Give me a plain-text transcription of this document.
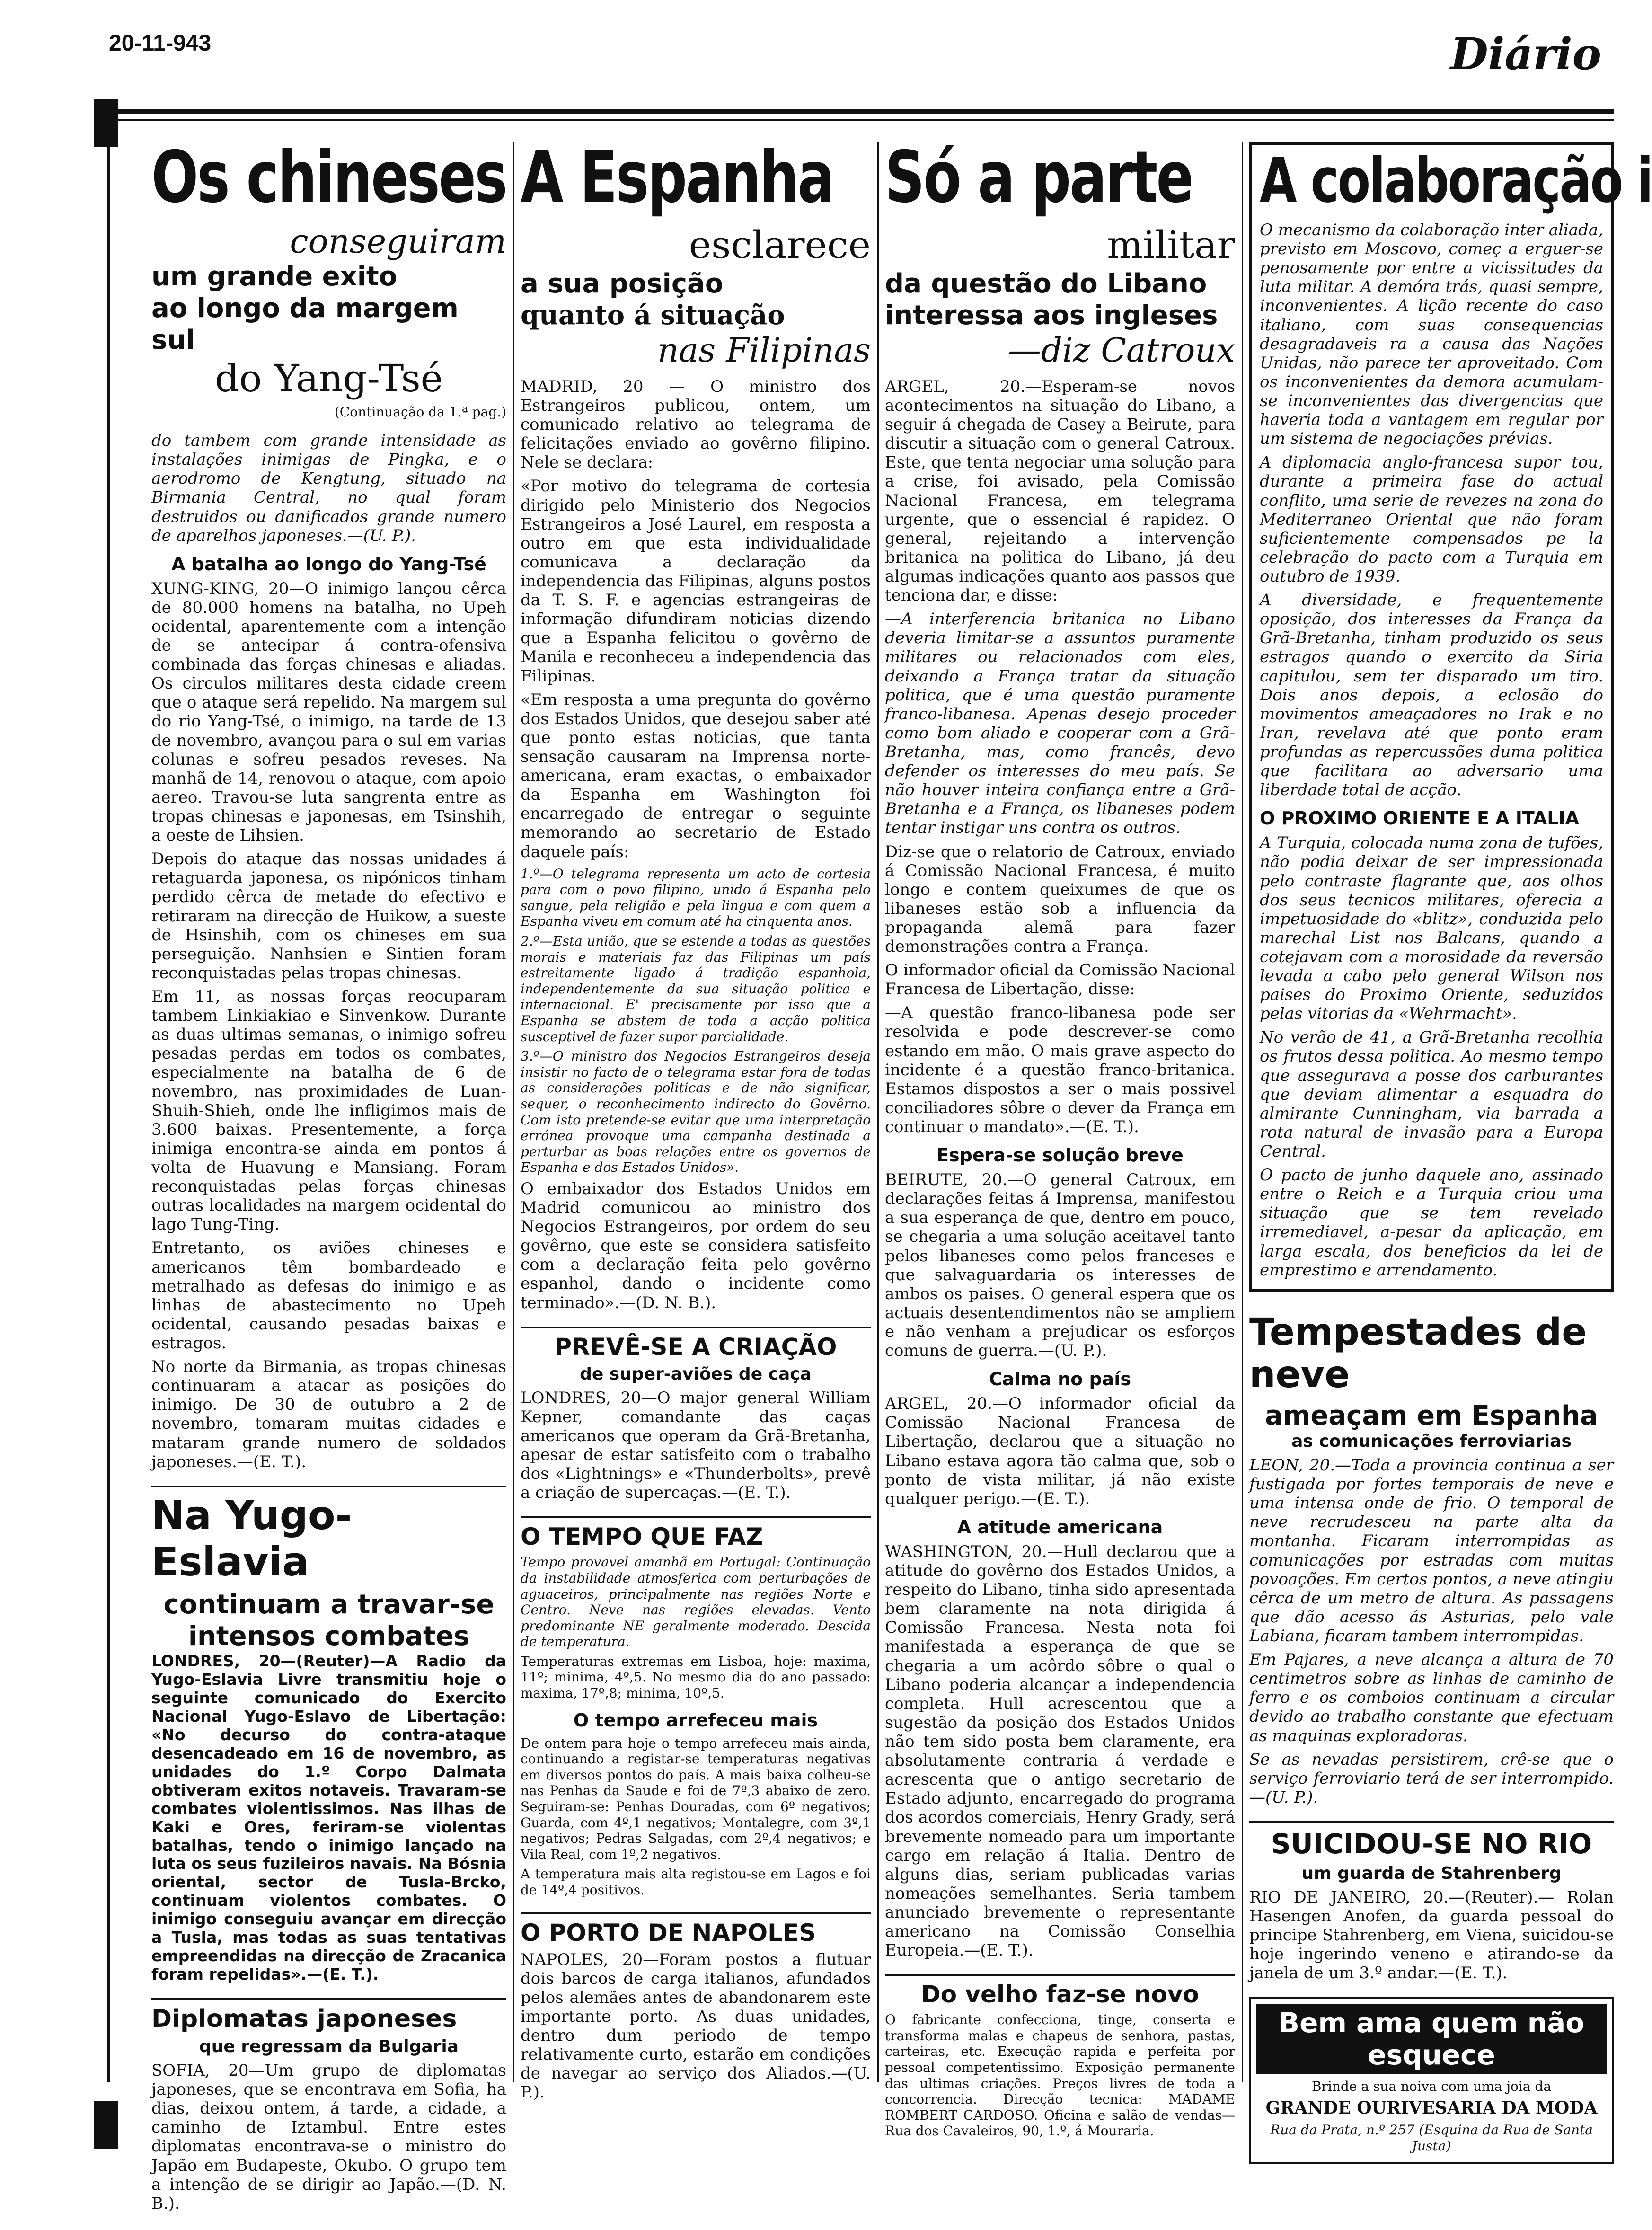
20-11-943	Diário
Os chineses
conseguiram
um grande exito
ao longo da margem sul
do Yang-Tsé
(Continuação da 1.ª pag.)

do tambem com grande intensidade as instalações inimigas de Pingka, e o aerodromo de Kengtung, situado na Birmania Central, no qual foram destruidos ou danificados grande numero de aparelhos japoneses.—(U. P.).

A batalha ao longo do Yang-Tsé

XUNG-KING, 20—O inimigo lançou cêrca de 80.000 homens na batalha, no Upeh ocidental, aparentemente com a intenção de se antecipar á contra-ofensiva combinada das forças chinesas e aliadas. Os circulos militares desta cidade creem que o ataque será repelido. Na margem sul do rio Yang-Tsé, o inimigo, na tarde de 13 de novembro, avançou para o sul em varias colunas e sofreu pesados reveses. Na manhã de 14, renovou o ataque, com apoio aereo. Travou-se luta sangrenta entre as tropas chinesas e japonesas, em Tsinshih, a oeste de Lihsien.

Depois do ataque das nossas unidades á retaguarda japonesa, os nipónicos tinham perdido cêrca de metade do efectivo e retiraram na direcção de Huikow, a sueste de Hsinshih, com os chineses em sua perseguição. Nanhsien e Sintien foram reconquistadas pelas tropas chinesas.

Em 11, as nossas forças reocuparam tambem Linkiakiao e Sinvenkow. Durante as duas ultimas semanas, o inimigo sofreu pesadas perdas em todos os combates, especialmente na batalha de 6 de novembro, nas proximidades de Luan-Shuih-Shieh, onde lhe infligimos mais de 3.600 baixas. Presentemente, a força inimiga encontra-se ainda em pontos á volta de Huavung e Mansiang. Foram reconquistadas pelas forças chinesas outras localidades na margem ocidental do lago Tung-Ting.

Entretanto, os aviões chineses e americanos têm bombardeado e metralhado as defesas do inimigo e as linhas de abastecimento no Upeh ocidental, causando pesadas baixas e estragos.

No norte da Birmania, as tropas chinesas continuaram a atacar as posições do inimigo. De 30 de outubro a 2 de novembro, tomaram muitas cidades e mataram grande numero de soldados japoneses.—(E. T.).

Na Yugo-Eslavia
continuam a travar-se
intensos combates

LONDRES, 20—(Reuter)—A Radio da Yugo-Eslavia Livre transmitiu hoje o seguinte comunicado do Exercito Nacional Yugo-Eslavo de Libertação: «No decurso do contra-ataque desencadeado em 16 de novembro, as unidades do 1.º Corpo Dalmata obtiveram exitos notaveis. Travaram-se combates violentissimos. Nas ilhas de Kaki e Ores, feriram-se violentas batalhas, tendo o inimigo lançado na luta os seus fuzileiros navais. Na Bósnia oriental, sector de Tusla-Brcko, continuam violentos combates. O inimigo conseguiu avançar em direcção a Tusla, mas todas as suas tentativas empreendidas na direcção de Zracanica foram repelidas».—(E. T.).

Diplomatas japoneses
que regressam da Bulgaria

SOFIA, 20—Um grupo de diplomatas japoneses, que se encontrava em Sofia, ha dias, deixou ontem, á tarde, a cidade, a caminho de Iztambul. Entre estes diplomatas encontrava-se o ministro do Japão em Budapeste, Okubo. O grupo tem a intenção de se dirigir ao Japão.—(D. N. B.).

A Espanha
esclarece
a sua posição
quanto á situação
nas Filipinas

MADRID, 20 — O ministro dos Estrangeiros publicou, ontem, um comunicado relativo ao telegrama de felicitações enviado ao govêrno filipino. Nele se declara:

«Por motivo do telegrama de cortesia dirigido pelo Ministerio dos Negocios Estrangeiros a José Laurel, em resposta a outro em que esta individualidade comunicava a declaração da independencia das Filipinas, alguns postos da T. S. F. e agencias estrangeiras de informação difundiram noticias dizendo que a Espanha felicitou o govêrno de Manila e reconheceu a independencia das Filipinas.

«Em resposta a uma pregunta do govêrno dos Estados Unidos, que desejou saber até que ponto estas noticias, que tanta sensação causaram na Imprensa norte-americana, eram exactas, o embaixador da Espanha em Washington foi encarregado de entregar o seguinte memorando ao secretario de Estado daquele país:

1.º—O telegrama representa um acto de cortesia para com o povo filipino, unido á Espanha pelo sangue, pela religião e pela lingua e com quem a Espanha viveu em comum até ha cinquenta anos.

2.º—Esta união, que se estende a todas as questões morais e materiais faz das Filipinas um país estreitamente ligado á tradição espanhola, independentemente da sua situação politica e internacional. E' precisamente por isso que a Espanha se abstem de toda a acção politica susceptivel de fazer supor parcialidade.

3.º—O ministro dos Negocios Estrangeiros deseja insistir no facto de o telegrama estar fora de todas as considerações politicas e de não significar, sequer, o reconhecimento indirecto do Govêrno. Com isto pretende-se evitar que uma interpretação errónea provoque uma campanha destinada a perturbar as boas relações entre os governos de Espanha e dos Estados Unidos».

O embaixador dos Estados Unidos em Madrid comunicou ao ministro dos Negocios Estrangeiros, por ordem do seu govêrno, que este se considera satisfeito com a declaração feita pelo govêrno espanhol, dando o incidente como terminado».—(D. N. B.).

PREVÊ-SE A CRIAÇÃO
de super-aviões de caça

LONDRES, 20—O major general William Kepner, comandante das caças americanos que operam da Grã-Bretanha, apesar de estar satisfeito com o trabalho dos «Lightnings» e «Thunderbolts», prevê a criação de supercaças.—(E. T.).

O TEMPO QUE FAZ

Tempo provavel amanhã em Portugal: Continuação da instabilidade atmosferica com perturbações de aguaceiros, principalmente nas regiões Norte e Centro. Neve nas regiões elevadas. Vento predominante NE geralmente moderado. Descida de temperatura.

Temperaturas extremas em Lisboa, hoje: maxima, 11º; minima, 4º,5. No mesmo dia do ano passado: maxima, 17º,8; minima, 10º,5.

O tempo arrefeceu mais

De ontem para hoje o tempo arrefeceu mais ainda, continuando a registar-se temperaturas negativas em diversos pontos do país. A mais baixa colheu-se nas Penhas da Saude e foi de 7º,3 abaixo de zero. Seguiram-se: Penhas Douradas, com 6º negativos; Guarda, com 4º,1 negativos; Montalegre, com 3º,1 negativos; Pedras Salgadas, com 2º,4 negativos; e Vila Real, com 1º,2 negativos.

A temperatura mais alta registou-se em Lagos e foi de 14º,4 positivos.

O PORTO DE NAPOLES

NAPOLES, 20—Foram postos a flutuar dois barcos de carga italianos, afundados pelos alemães antes de abandonarem este importante porto. As duas unidades, dentro dum periodo de tempo relativamente curto, estarão em condições de navegar ao serviço dos Aliados.—(U. P.).

Só a parte
militar
da questão do Libano
interessa aos ingleses
—diz Catroux

ARGEL, 20.—Esperam-se novos acontecimentos na situação do Libano, a seguir á chegada de Casey a Beirute, para discutir a situação com o general Catroux. Este, que tenta negociar uma solução para a crise, foi avisado, pela Comissão Nacional Francesa, em telegrama urgente, que o essencial é rapidez. O general, rejeitando a intervenção britanica na politica do Libano, já deu algumas indicações quanto aos passos que tenciona dar, e disse:

—A interferencia britanica no Libano deveria limitar-se a assuntos puramente militares ou relacionados com eles, deixando a França tratar da situação politica, que é uma questão puramente franco-libanesa. Apenas desejo proceder como bom aliado e cooperar com a Grã-Bretanha, mas, como francês, devo defender os interesses do meu país. Se não houver inteira confiança entre a Grã-Bretanha e a França, os libaneses podem tentar instigar uns contra os outros.

Diz-se que o relatorio de Catroux, enviado á Comissão Nacional Francesa, é muito longo e contem queixumes de que os libaneses estão sob a influencia da propaganda alemã para fazer demonstrações contra a França.

O informador oficial da Comissão Nacional Francesa de Libertação, disse:

—A questão franco-libanesa pode ser resolvida e pode descrever-se como estando em mão. O mais grave aspecto do incidente é a questão franco-britanica. Estamos dispostos a ser o mais possivel conciliadores sôbre o dever da França em continuar o mandato».—(E. T.).

Espera-se solução breve

BEIRUTE, 20.—O general Catroux, em declarações feitas á Imprensa, manifestou a sua esperança de que, dentro em pouco, se chegaria a uma solução aceitavel tanto pelos libaneses como pelos franceses e que salvaguardaria os interesses de ambos os paises. O general espera que os actuais desentendimentos não se ampliem e não venham a prejudicar os esforços comuns de guerra.—(U. P.).

Calma no país

ARGEL, 20.—O informador oficial da Comissão Nacional Francesa de Libertação, declarou que a situação no Libano estava agora tão calma que, sob o ponto de vista militar, já não existe qualquer perigo.—(E. T.).

A atitude americana

WASHINGTON, 20.—Hull declarou que a atitude do govêrno dos Estados Unidos, a respeito do Libano, tinha sido apresentada bem claramente na nota dirigida á Comissão Francesa. Nesta nota foi manifestada a esperança de que se chegaria a um acôrdo sôbre o qual o Libano poderia alcançar a independencia completa. Hull acrescentou que a sugestão da posição dos Estados Unidos não tem sido posta bem claramente, era absolutamente contraria á verdade e acrescenta que o antigo secretario de Estado adjunto, encarregado do programa dos acordos comerciais, Henry Grady, será brevemente nomeado para um importante cargo em relação á Italia. Dentro de alguns dias, seriam publicadas varias nomeações semelhantes. Seria tambem anunciado brevemente o representante americano na Comissão Conselhia Europeia.—(E. T.).

Do velho faz-se novo

O fabricante confecciona, tinge, conserta e transforma malas e chapeus de senhora, pastas, carteiras, etc. Execução rapida e perfeita por pessoal competentissimo. Exposição permanente das ultimas criações. Preços livres de toda a concorrencia. Direcção tecnica: MADAME ROMBERT CARDOSO. Oficina e salão de vendas—Rua dos Cavaleiros, 90, 1.º, á Mouraria.

A colaboração i

O mecanismo da colaboração inter aliada, previsto em Moscovo, começ a erguer-se penosamente por entre a vicissitudes da luta militar. A demóra trás, quasi sempre, inconvenientes. A lição recente do caso italiano, com suas consequencias desagradaveis ra a causa das Nações Unidas, não parece ter aproveitado. Com os inconvenientes da demora acumulam-se inconvenientes das divergencias que haveria toda a vantagem em regular por um sistema de negociações prévias.

A diplomacia anglo-francesa supor tou, durante a primeira fase do actual conflito, uma serie de revezes na zona do Mediterraneo Oriental que não foram suficientemente compensados pe la celebração do pacto com a Turquia em outubro de 1939.

A diversidade, e frequentemente oposição, dos interesses da França da Grã-Bretanha, tinham produzido os seus estragos quando o exercito da Siria capitulou, sem ter disparado um tiro. Dois anos depois, a eclosão do movimentos ameaçadores no Irak e no Iran, revelava até que ponto eram profundas as repercussões duma politica que facilitara ao adversario uma liberdade total de acção.

O PROXIMO ORIENTE E A ITALIA

A Turquia, colocada numa zona de tufões, não podia deixar de ser impressionada pelo contraste flagrante que, aos olhos dos seus tecnicos militares, oferecia a impetuosidade do «blitz», conduzida pelo marechal List nos Balcans, quando a cotejavam com a morosidade da reversão levada a cabo pelo general Wilson nos paises do Proximo Oriente, seduzidos pelas vitorias da «Wehrmacht».

No verão de 41, a Grã-Bretanha recolhia os frutos dessa politica. Ao mesmo tempo que assegurava a posse dos carburantes que deviam alimentar a esquadra do almirante Cunningham, via barrada a rota natural de invasão para a Europa Central.

O pacto de junho daquele ano, assinado entre o Reich e a Turquia criou uma situação que se tem revelado irremediavel, a-pesar da aplicação, em larga escala, dos beneficios da lei de emprestimo e arrendamento.

Tempestades de neve
ameaçam em Espanha
as comunicações ferroviarias

LEON, 20.—Toda a provincia continua a ser fustigada por fortes temporais de neve e uma intensa onde de frio. O temporal de neve recrudesceu na parte alta da montanha. Ficaram interrompidas as comunicações por estradas com muitas povoações. Em certos pontos, a neve atingiu cêrca de um metro de altura. As passagens que dão acesso ás Asturias, pelo vale Labiana, ficaram tambem interrompidas.

Em Pajares, a neve alcança a altura de 70 centimetros sobre as linhas de caminho de ferro e os comboios continuam a circular devido ao trabalho constante que efectuam as maquinas exploradoras.

Se as nevadas persistirem, crê-se que o serviço ferroviario terá de ser interrompido.—(U. P.).

SUICIDOU-SE NO RIO
um guarda de Stahrenberg

RIO DE JANEIRO, 20.—(Reuter).— Rolan Hasengen Anofen, da guarda pessoal do principe Stahrenberg, em Viena, suicidou-se hoje ingerindo veneno e atirando-se da janela de um 3.º andar.—(E. T.).

Bem ama quem não esquece

Brinde a sua noiva com uma joia da

GRANDE OURIVESARIA DA MODA

Rua da Prata, n.º 257 (Esquina da Rua de Santa Justa)
